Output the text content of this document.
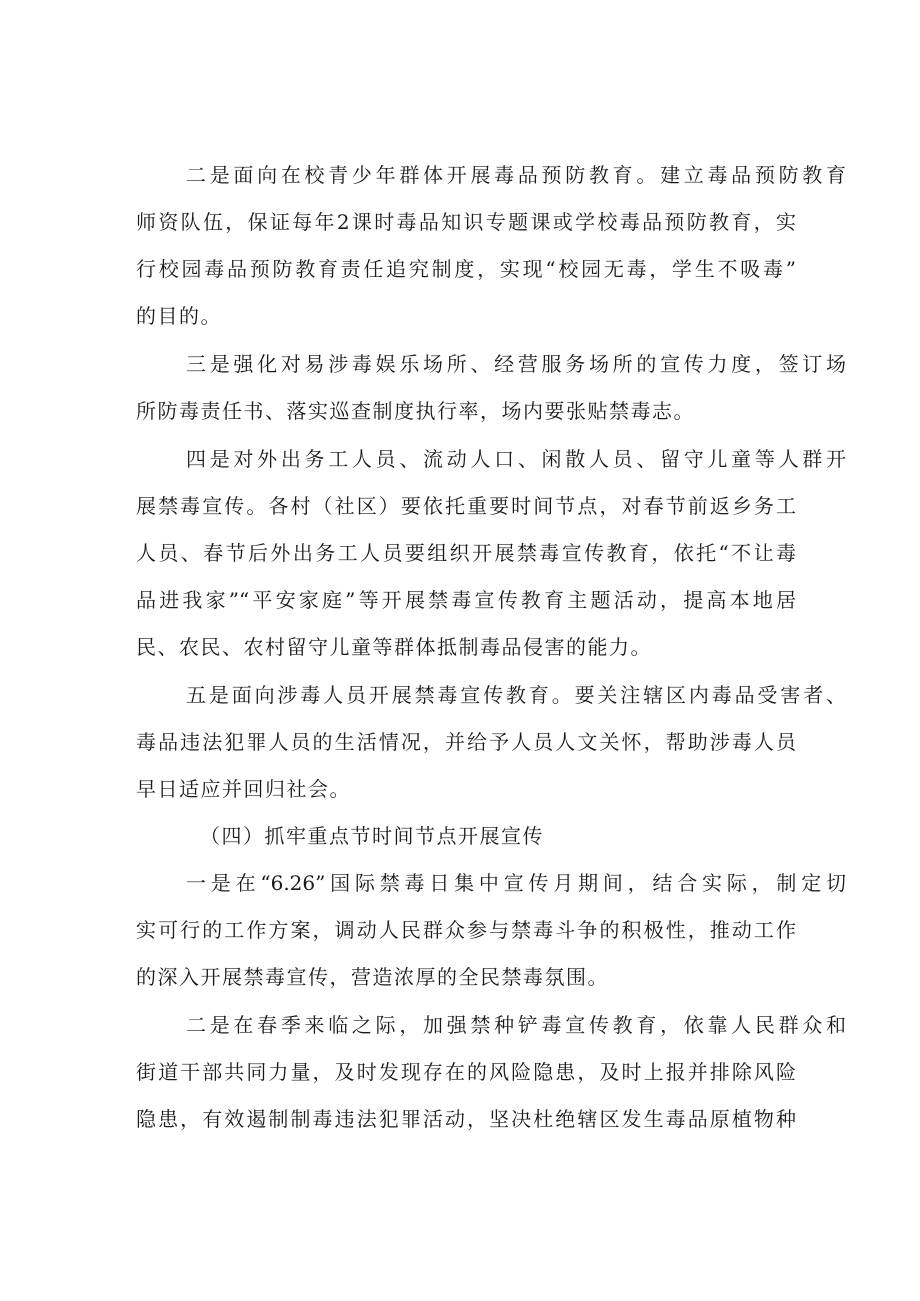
二是面向在校青少年群体开展毒品预防教育。建立毒品预防教育
师资队伍，保证每年2课时毒品知识专题课或学校毒品预防教育，实
行校园毒品预防教育责任追究制度，实现“校园无毒，学生不吸毒”
的目的。
三是强化对易涉毒娱乐场所、经营服务场所的宣传力度，签订场
所防毒责任书、落实巡查制度执行率，场内要张贴禁毒志。
四是对外出务工人员、流动人口、闲散人员、留守儿童等人群开
展禁毒宣传。各村（社区）要依托重要时间节点，对春节前返乡务工
人员、春节后外出务工人员要组织开展禁毒宣传教育，依托“不让毒
品进我家”“平安家庭”等开展禁毒宣传教育主题活动，提高本地居
民、农民、农村留守儿童等群体抵制毒品侵害的能力。
五是面向涉毒人员开展禁毒宣传教育。要关注辖区内毒品受害者、
毒品违法犯罪人员的生活情况，并给予人员人文关怀，帮助涉毒人员
早日适应并回归社会。
（四）抓牢重点节时间节点开展宣传
一是在“6.26”国际禁毒日集中宣传月期间，结合实际，制定切
实可行的工作方案，调动人民群众参与禁毒斗争的积极性，推动工作
的深入开展禁毒宣传，营造浓厚的全民禁毒氛围。
二是在春季来临之际，加强禁种铲毒宣传教育，依靠人民群众和
街道干部共同力量，及时发现存在的风险隐患，及时上报并排除风险
隐患，有效遏制制毒违法犯罪活动，坚决杜绝辖区发生毒品原植物种
